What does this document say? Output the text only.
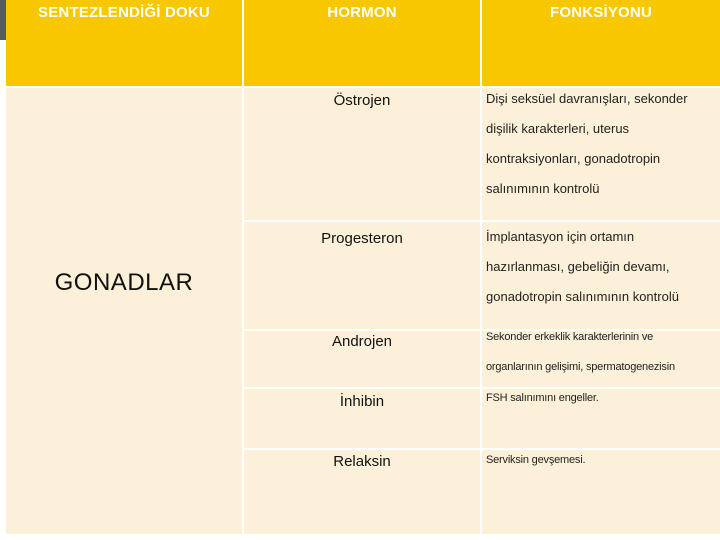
SENTEZLENDİĞİ DOKU	HORMON	FONKSİYONU
GONADLAR
Östrojen	Dişi seksüel davranışları, sekonder
dişilik karakterleri, uterus
kontraksiyonları, gonadotropin
salınımının kontrolü
Progesteron	İmplantasyon için ortamın
hazırlanması, gebeliğin devamı,
gonadotropin salınımının kontrolü
Androjen	Sekonder erkeklik karakterlerinin ve
organlarının gelişimi, spermatogenezisin
İnhibin	FSH salınımını engeller.
Relaksin	Serviksin gevşemesi.
